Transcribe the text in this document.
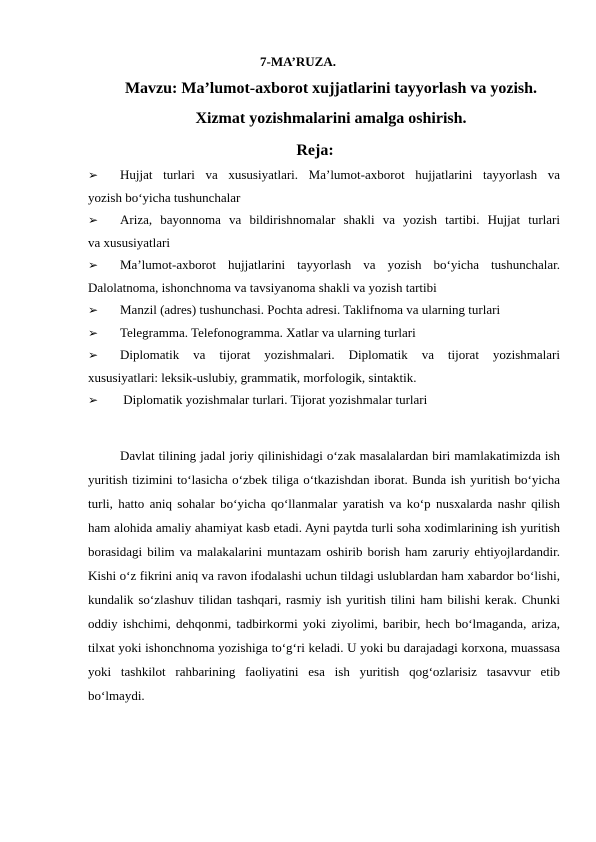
7-MA’RUZA.
Mavzu: Ma’lumot-axborot xujjatlarini tayyorlash va yozish.
Xizmat yozishmalarini amalga oshirish.
Reja:
➢ Hujjat turlari va xususiyatlari. Ma’lumot-axborot hujjatlarini tayyorlash va
yozish bo‘yicha tushunchalar
➢ Ariza, bayonnoma va bildirishnomalar shakli va yozish tartibi. Hujjat turlari
va xususiyatlari
➢ Ma’lumot-axborot hujjatlarini tayyorlash va yozish bo‘yicha tushunchalar.
Dalolatnoma, ishonchnoma va tavsiyanoma shakli va yozish tartibi
➢ Manzil (adres) tushunchasi. Pochta adresi. Taklifnoma va ularning turlari
➢ Telegramma. Telefonogramma. Xatlar va ularning turlari
➢ Diplomatik va tijorat yozishmalari. Diplomatik va tijorat yozishmalari
xususiyatlari: leksik-uslubiy, grammatik, morfologik, sintaktik.
➢ Diplomatik yozishmalar turlari. Tijorat yozishmalar turlari

Davlat tilining jadal joriy qilinishidagi o‘zak masalalardan biri mamlakatimizda ish yuritish tizimini to‘lasicha o‘zbek tiliga o‘tkazishdan iborat. Bunda ish yuritish bo‘yicha turli, hatto aniq sohalar bo‘yicha qo‘llanmalar yaratish va ko‘p nusxalarda nashr qilish ham alohida amaliy ahamiyat kasb etadi. Ayni paytda turli soha xodimlarining ish yuritish borasidagi bilim va malakalarini muntazam oshirib borish ham zaruriy ehtiyojlardandir. Kishi o‘z fikrini aniq va ravon ifodalashi uchun tildagi uslublardan ham xabardor bo‘lishi, kundalik so‘zlashuv tilidan tashqari, rasmiy ish yuritish tilini ham bilishi kerak. Chunki oddiy ishchimi, dehqonmi, tadbirkormi yoki ziyolimi, baribir, hech bo‘lmaganda, ariza, tilxat yoki ishonchnoma yozishiga to‘g‘ri keladi. U yoki bu darajadagi korxona, muassasa yoki tashkilot rahbarining faoliyatini esa ish yuritish qog‘ozlarisiz tasavvur etib bo‘lmaydi.
